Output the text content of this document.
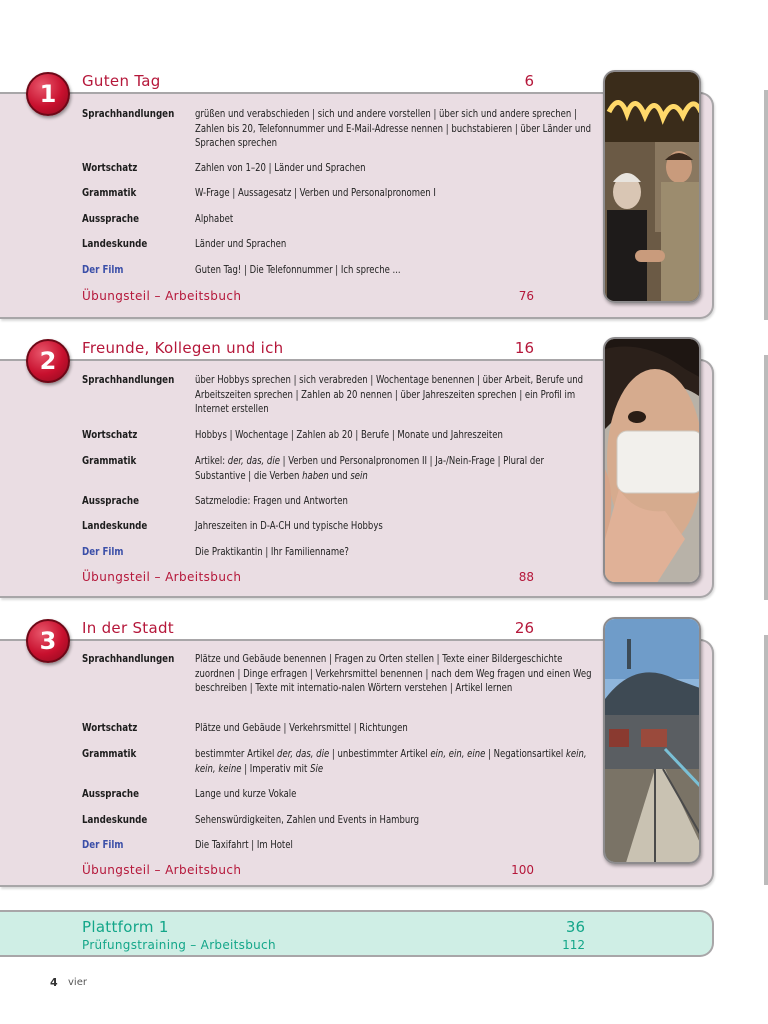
1	Guten Tag	6
Sprachhandlungen	grüßen und verabschieden | sich und andere vorstellen | über sich und andere sprechen | Zahlen bis 20, Telefonnummer und E-Mail-Adresse nennen | buchstabieren | über Länder und Sprachen sprechen
Wortschatz	Zahlen von 1–20 | Länder und Sprachen
Grammatik	W-Frage | Aussagesatz | Verben und Personalpronomen I
Aussprache	Alphabet
Landeskunde	Länder und Sprachen
Der Film	Guten Tag! | Die Telefonnummer | Ich spreche ...
Übungsteil – Arbeitsbuch	76
2	Freunde, Kollegen und ich	16
Sprachhandlungen	über Hobbys sprechen | sich verabreden | Wochentage benennen | über Arbeit, Berufe und Arbeitszeiten sprechen | Zahlen ab 20 nennen | über Jahreszeiten sprechen | ein Profil im Internet erstellen
Wortschatz	Hobbys | Wochentage | Zahlen ab 20 | Berufe | Monate und Jahreszeiten
Grammatik	Artikel: der, das, die | Verben und Personalpronomen II | Ja-/Nein-Frage | Plural der Substantive | die Verben haben und sein
Aussprache	Satzmelodie: Fragen und Antworten
Landeskunde	Jahreszeiten in D-A-CH und typische Hobbys
Der Film	Die Praktikantin | Ihr Familienname?
Übungsteil – Arbeitsbuch	88
3	In der Stadt	26
Sprachhandlungen	Plätze und Gebäude benennen | Fragen zu Orten stellen | Texte einer Bildergeschichte zuordnen | Dinge erfragen | Verkehrsmittel benennen | nach dem Weg fragen und einen Weg beschreiben | Texte mit internatio-nalen Wörtern verstehen | Artikel lernen
Wortschatz	Plätze und Gebäude | Verkehrsmittel | Richtungen
Grammatik	bestimmter Artikel der, das, die | unbestimmter Artikel ein, ein, eine | Negationsartikel kein, kein, keine | Imperativ mit Sie
Aussprache	Lange und kurze Vokale
Landeskunde	Sehenswürdigkeiten, Zahlen und Events in Hamburg
Der Film	Die Taxifahrt | Im Hotel
Übungsteil – Arbeitsbuch	100
Plattform 1	36
Prüfungstraining – Arbeitsbuch	112
4 vier
